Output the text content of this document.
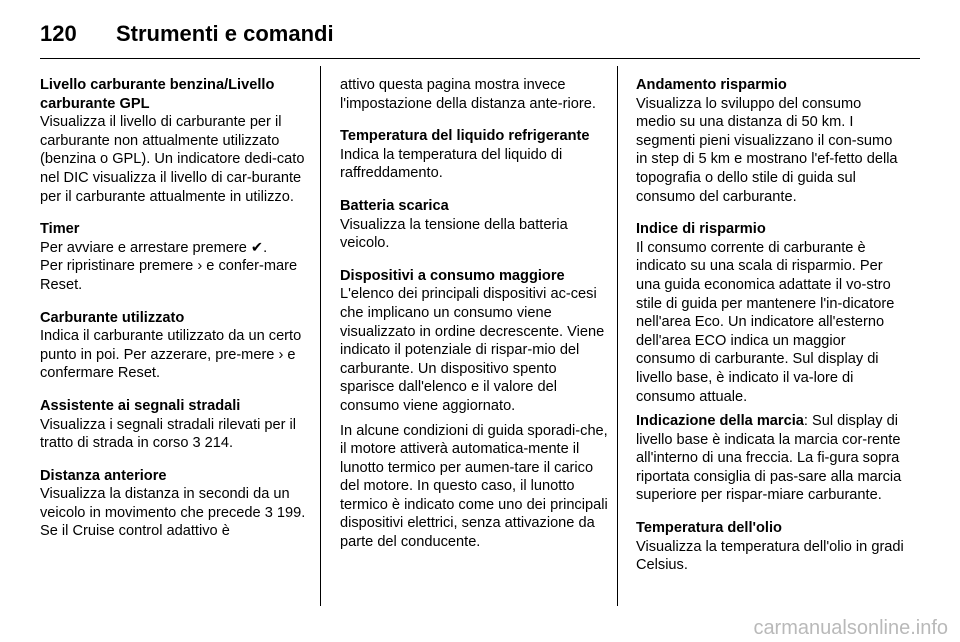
120	Strumenti e comandi
Livello carburante benzina/Livello carburante GPL
Visualizza il livello di carburante per il carburante non attualmente utilizzato (benzina o GPL). Un indicatore dedi-cato nel DIC visualizza il livello di car-burante per il carburante attualmente in utilizzo.
Timer
Per avviare e arrestare premere ✔.
Per ripristinare premere › e confer-mare Reset.
Carburante utilizzato
Indica il carburante utilizzato da un certo punto in poi. Per azzerare, pre-mere › e confermare Reset.
Assistente ai segnali stradali
Visualizza i segnali stradali rilevati per il tratto di strada in corso 3 214.
Distanza anteriore
Visualizza la distanza in secondi da un veicolo in movimento che precede 3 199. Se il Cruise control adattivo è
attivo questa pagina mostra invece l'impostazione della distanza ante-riore.
Temperatura del liquido refrigerante
Indica la temperatura del liquido di raffreddamento.
Batteria scarica
Visualizza la tensione della batteria veicolo.
Dispositivi a consumo maggiore
L'elenco dei principali dispositivi ac-cesi che implicano un consumo viene visualizzato in ordine decrescente. Viene indicato il potenziale di rispar-mio del carburante. Un dispositivo spento sparisce dall'elenco e il valore del consumo viene aggiornato.
In alcune condizioni di guida sporadi-che, il motore attiverà automatica-mente il lunotto termico per aumen-tare il carico del motore. In questo caso, il lunotto termico è indicato come uno dei principali dispositivi elettrici, senza attivazione da parte del conducente.
Andamento risparmio
Visualizza lo sviluppo del consumo medio su una distanza di 50 km. I segmenti pieni visualizzano il con-sumo in step di 5 km e mostrano l'ef-fetto della topografia o dello stile di guida sul consumo del carburante.
Indice di risparmio
Il consumo corrente di carburante è indicato su una scala di risparmio. Per una guida economica adattate il vo-stro stile di guida per mantenere l'in-dicatore nell'area Eco. Un indicatore all'esterno dell'area ECO indica un maggior consumo di carburante. Sul display di livello base, è indicato il va-lore di consumo attuale.
Indicazione della marcia: Sul display di livello base è indicata la marcia cor-rente all'interno di una freccia. La fi-gura sopra riportata consiglia di pas-sare alla marcia superiore per rispar-miare carburante.
Temperatura dell'olio
Visualizza la temperatura dell'olio in gradi Celsius.
carmanualsonline.info
